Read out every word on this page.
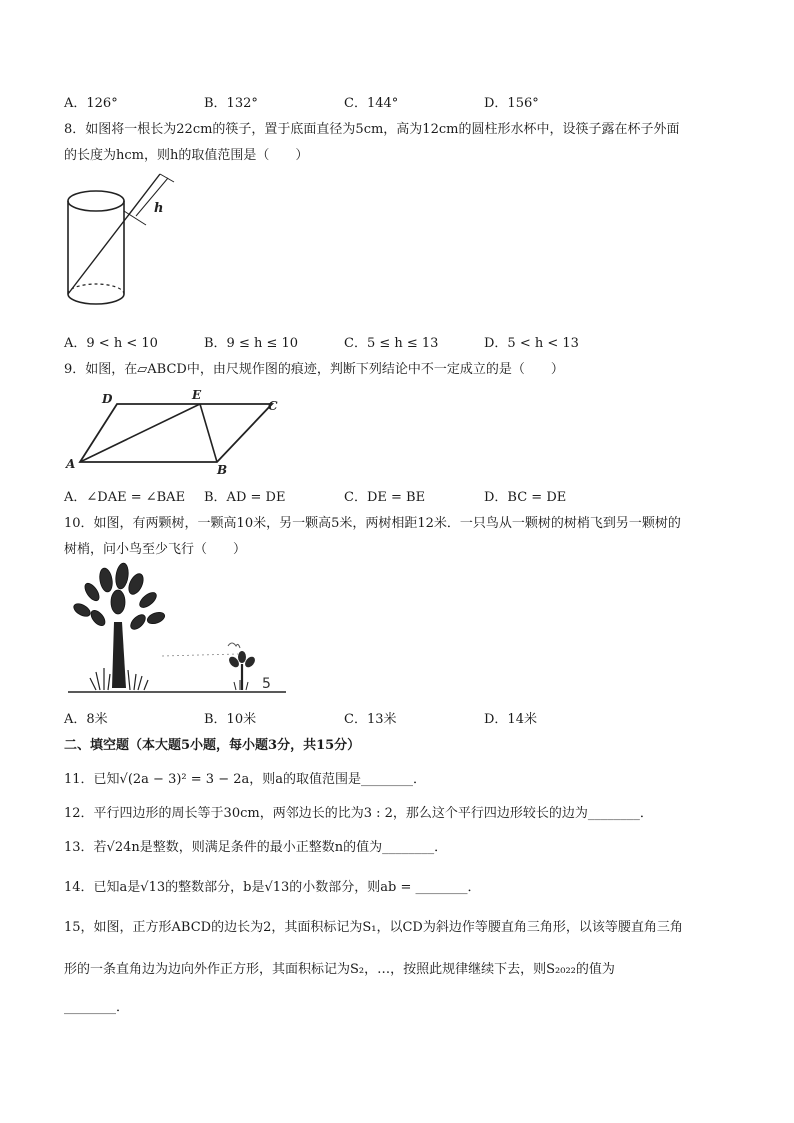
A．126°	B．132°	C．144°	D．156°
8．如图将一根长为22cm的筷子，置于底面直径为5cm，高为12cm的圆柱形水杯中，设筷子露在杯子外面
的长度为hcm，则h的取值范围是（　　）
h
A．9 < h < 10	B．9 ≤ h ≤ 10	C．5 ≤ h ≤ 13	D．5 < h < 13
9．如图，在▱ABCD中，由尺规作图的痕迹，判断下列结论中不一定成立的是（　　）
D	E
C
A	B
A．∠DAE = ∠BAE B．AD = DE	C．DE = BE	D．BC = DE
10．如图，有两颗树，一颗高10米，另一颗高5米，两树相距12米．一只鸟从一颗树的树梢飞到另一颗树的
树梢，问小鸟至少飞行（　　）
5
A．8米	B．10米	C．13米	D．14米
二、填空题（本大题5小题，每小题3分，共15分）
11．已知√(2a − 3)² = 3 − 2a，则a的取值范围是________．
12．平行四边形的周长等于30cm，两邻边长的比为3 : 2，那么这个平行四边形较长的边为________．
13．若√24n是整数，则满足条件的最小正整数n的值为________．
14．已知a是√13的整数部分，b是√13的小数部分，则ab = ________．
15，如图，正方形ABCD的边长为2，其面积标记为S₁，以CD为斜边作等腰直角三角形，以该等腰直角三角
形的一条直角边为边向外作正方形，其面积标记为S₂，…，按照此规律继续下去，则S₂₀₂₂的值为
________．
